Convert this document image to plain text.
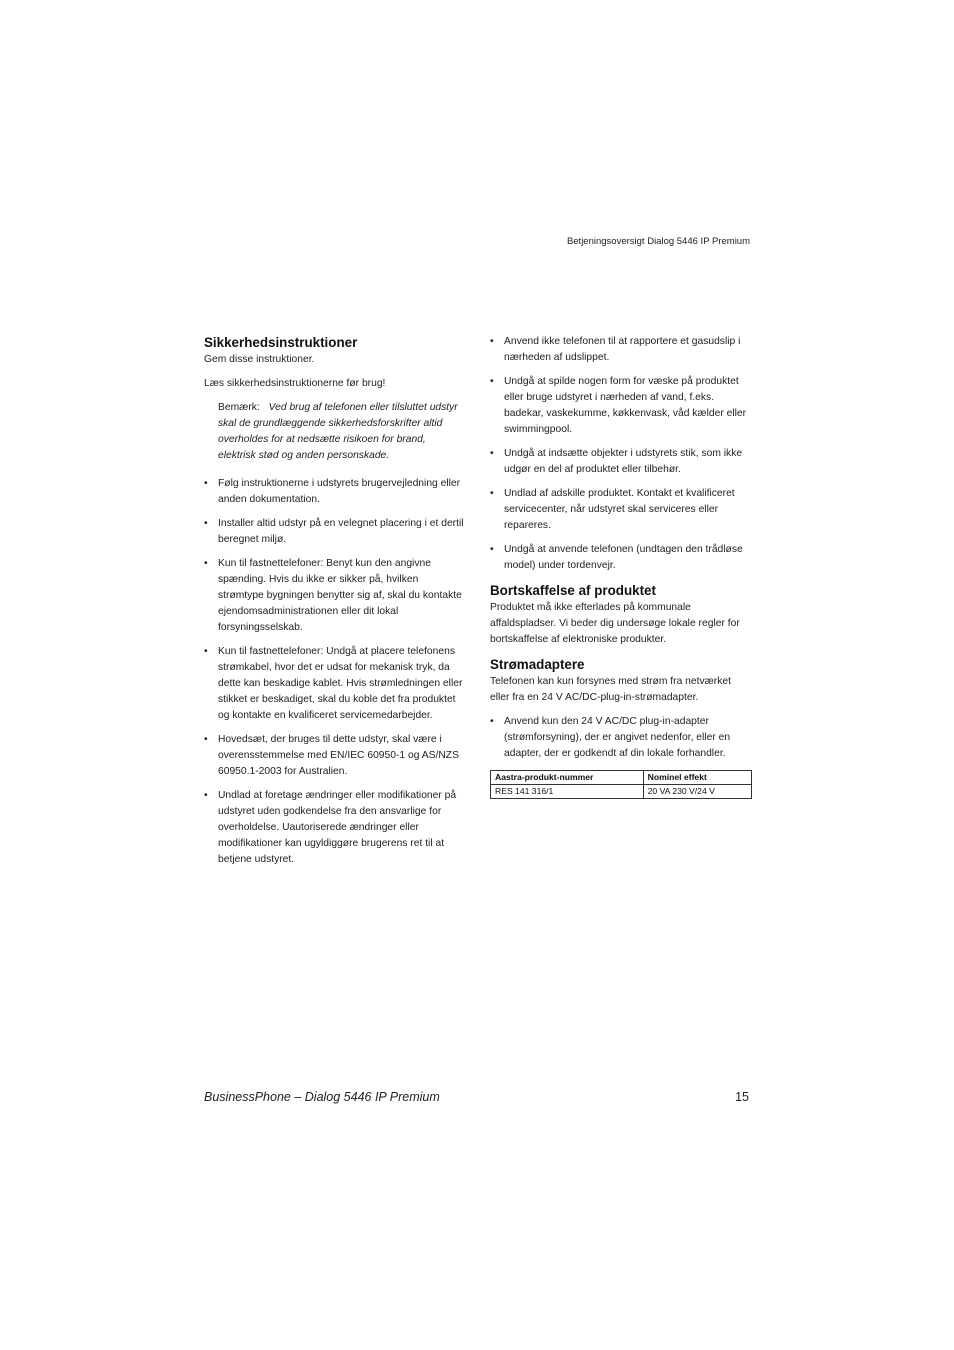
Betjeningsoversigt Dialog 5446 IP Premium
Sikkerhedsinstruktioner

Gem disse instruktioner.

Læs sikkerhedsinstruktionerne før brug!

Bemærk: Ved brug af telefonen eller tilsluttet udstyr skal de grundlæggende sikkerhedsforskrifter altid overholdes for at nedsætte risikoen for brand, elektrisk stød og anden personskade.
• Følg instruktionerne i udstyrets brugervejledning eller anden dokumentation.
• Installer altid udstyr på en velegnet placering i et dertil beregnet miljø.
• Kun til fastnettelefoner: Benyt kun den angivne spænding. Hvis du ikke er sikker på, hvilken strømtype bygningen benytter sig af, skal du kontakte ejendomsadministrationen eller dit lokal forsyningsselskab.
• Kun til fastnettelefoner: Undgå at placere telefonens strømkabel, hvor det er udsat for mekanisk tryk, da dette kan beskadige kablet. Hvis strømledningen eller stikket er beskadiget, skal du koble det fra produktet og kontakte en kvalificeret servicemedarbejder.
• Hovedsæt, der bruges til dette udstyr, skal være i overensstemmelse med EN/IEC 60950-1 og AS/NZS 60950.1-2003 for Australien.
• Undlad at foretage ændringer eller modifikationer på udstyret uden godkendelse fra den ansvarlige for overholdelse. Uautoriserede ændringer eller modifikationer kan ugyldiggøre brugerens ret til at betjene udstyret.
• Anvend ikke telefonen til at rapportere et gasudslip i nærheden af udslippet.
• Undgå at spilde nogen form for væske på produktet eller bruge udstyret i nærheden af vand, f.eks. badekar, vaskekumme, køkkenvask, våd kælder eller swimmingpool.
• Undgå at indsætte objekter i udstyrets stik, som ikke udgør en del af produktet eller tilbehør.
• Undlad af adskille produktet. Kontakt et kvalificeret servicecenter, når udstyret skal serviceres eller repareres.
• Undgå at anvende telefonen (undtagen den trådløse model) under tordenvejr.
Bortskaffelse af produktet

Produktet må ikke efterlades på kommunale affaldspladser. Vi beder dig undersøge lokale regler for bortskaffelse af elektroniske produkter.

Strømadaptere

Telefonen kan kun forsynes med strøm fra netværket eller fra en 24 V AC/DC-plug-in-strømadapter.

• Anvend kun den 24 V AC/DC plug-in-adapter (strømforsyning), der er angivet nedenfor, eller en adapter, der er godkendt af din lokale forhandler.
Aastra-produkt-nummer	Nominel effekt
RES 141 316/1	20 VA 230 V/24 V
BusinessPhone – Dialog 5446 IP Premium	15
